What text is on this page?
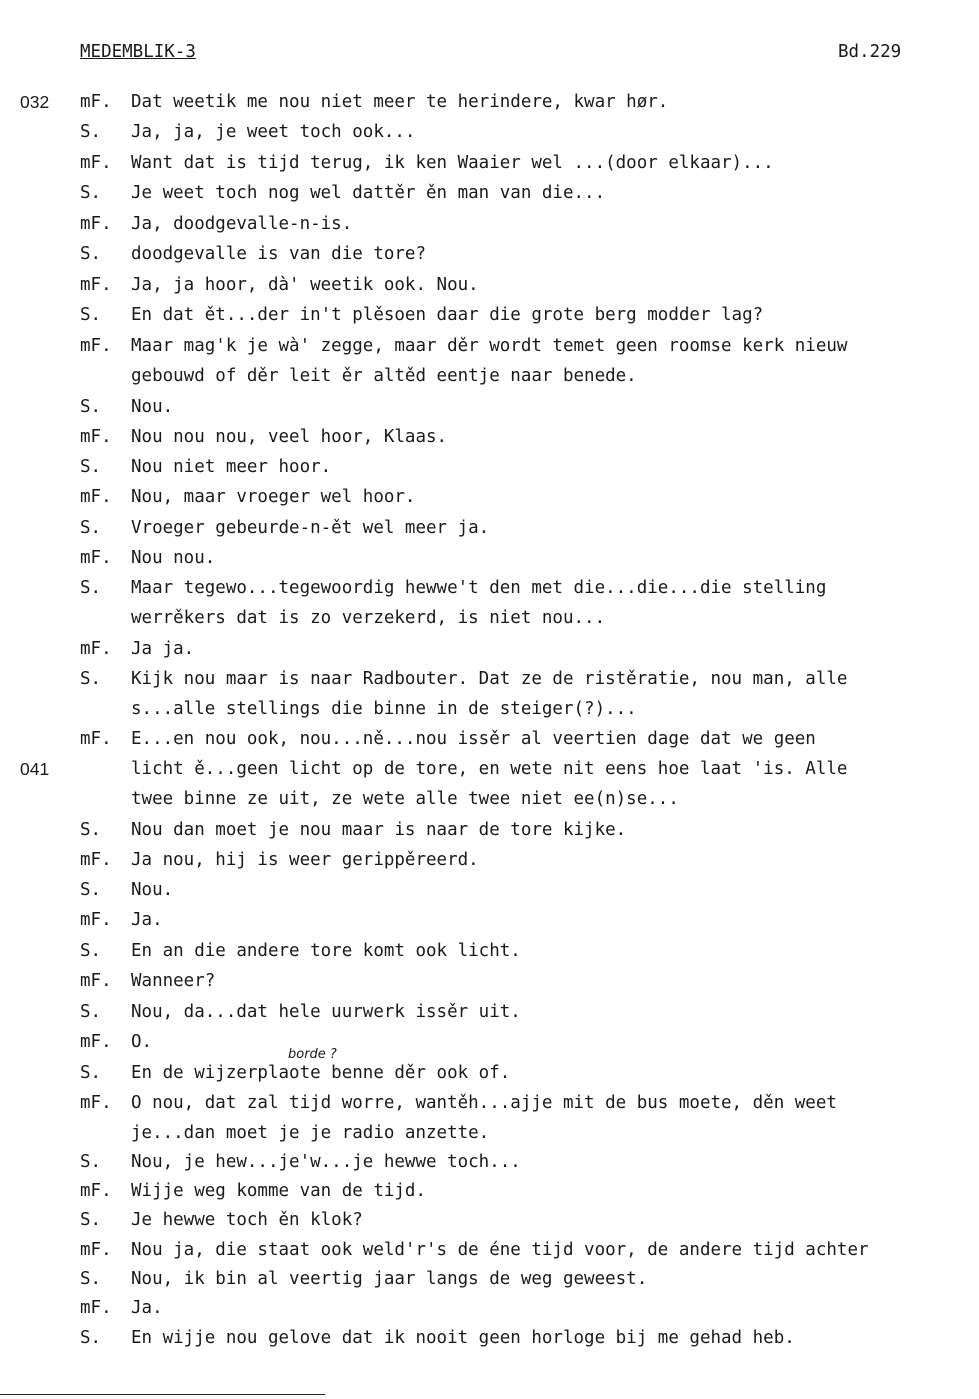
MEDEMBLIK-3	Bd.229
032 mF. Dat weetik me nou niet meer te herindere, kwar hør.
S. Ja, ja, je weet toch ook...
mF. Want dat is tijd terug, ik ken Waaier wel ...(door elkaar)...
S. Je weet toch nog wel dattěr ěn man van die...
mF. Ja, doodgevalle-n-is.
S. doodgevalle is van die tore?
mF. Ja, ja hoor, dà' weetik ook. Nou.
S. En dat ět...der in't plěsoen daar die grote berg modder lag?
mF. Maar mag'k je wà' zegge, maar děr wordt temet geen roomse kerk nieuw
gebouwd of děr leit ěr altěd eentje naar benede.
S. Nou.
mF. Nou nou nou, veel hoor, Klaas.
S. Nou niet meer hoor.
mF. Nou, maar vroeger wel hoor.
S. Vroeger gebeurde-n-ět wel meer ja.
mF. Nou nou.
S. Maar tegewo...tegewoordig hewwe't den met die...die...die stelling
werrěkers dat is zo verzekerd, is niet nou...
mF. Ja ja.
S. Kijk nou maar is naar Radbouter. Dat ze de ristěratie, nou man, alle
s...alle stellings die binne in de steiger(?)...
mF. E...en nou ook, nou...ně...nou issěr al veertien dage dat we geen
041	licht ě...geen licht op de tore, en wete nit eens hoe laat 'is. Alle
twee binne ze uit, ze wete alle twee niet ee(n)se...
S. Nou dan moet je nou maar is naar de tore kijke.
mF. Ja nou, hij is weer gerippěreerd.
S. Nou.
mF. Ja.
S. En an die andere tore komt ook licht.
mF. Wanneer?
S. Nou, da...dat hele uurwerk issěr uit.
mF. O.
S. En de wijzerplaote benne děr ook of.
mF. O nou, dat zal tijd worre, wantěh...ajje mit de bus moete, děn weet
je...dan moet je je radio anzette.
S. Nou, je hew...je'w...je hewwe toch...
mF. Wijje weg komme van de tijd.
S. Je hewwe toch ěn klok?
mF. Nou ja, die staat ook weld'r's de éne tijd voor, de andere tijd achter
S. Nou, ik bin al veertig jaar langs de weg geweest.
mF. Ja.
S. En wijje nou gelove dat ik nooit geen horloge bij me gehad heb.
borde ?
